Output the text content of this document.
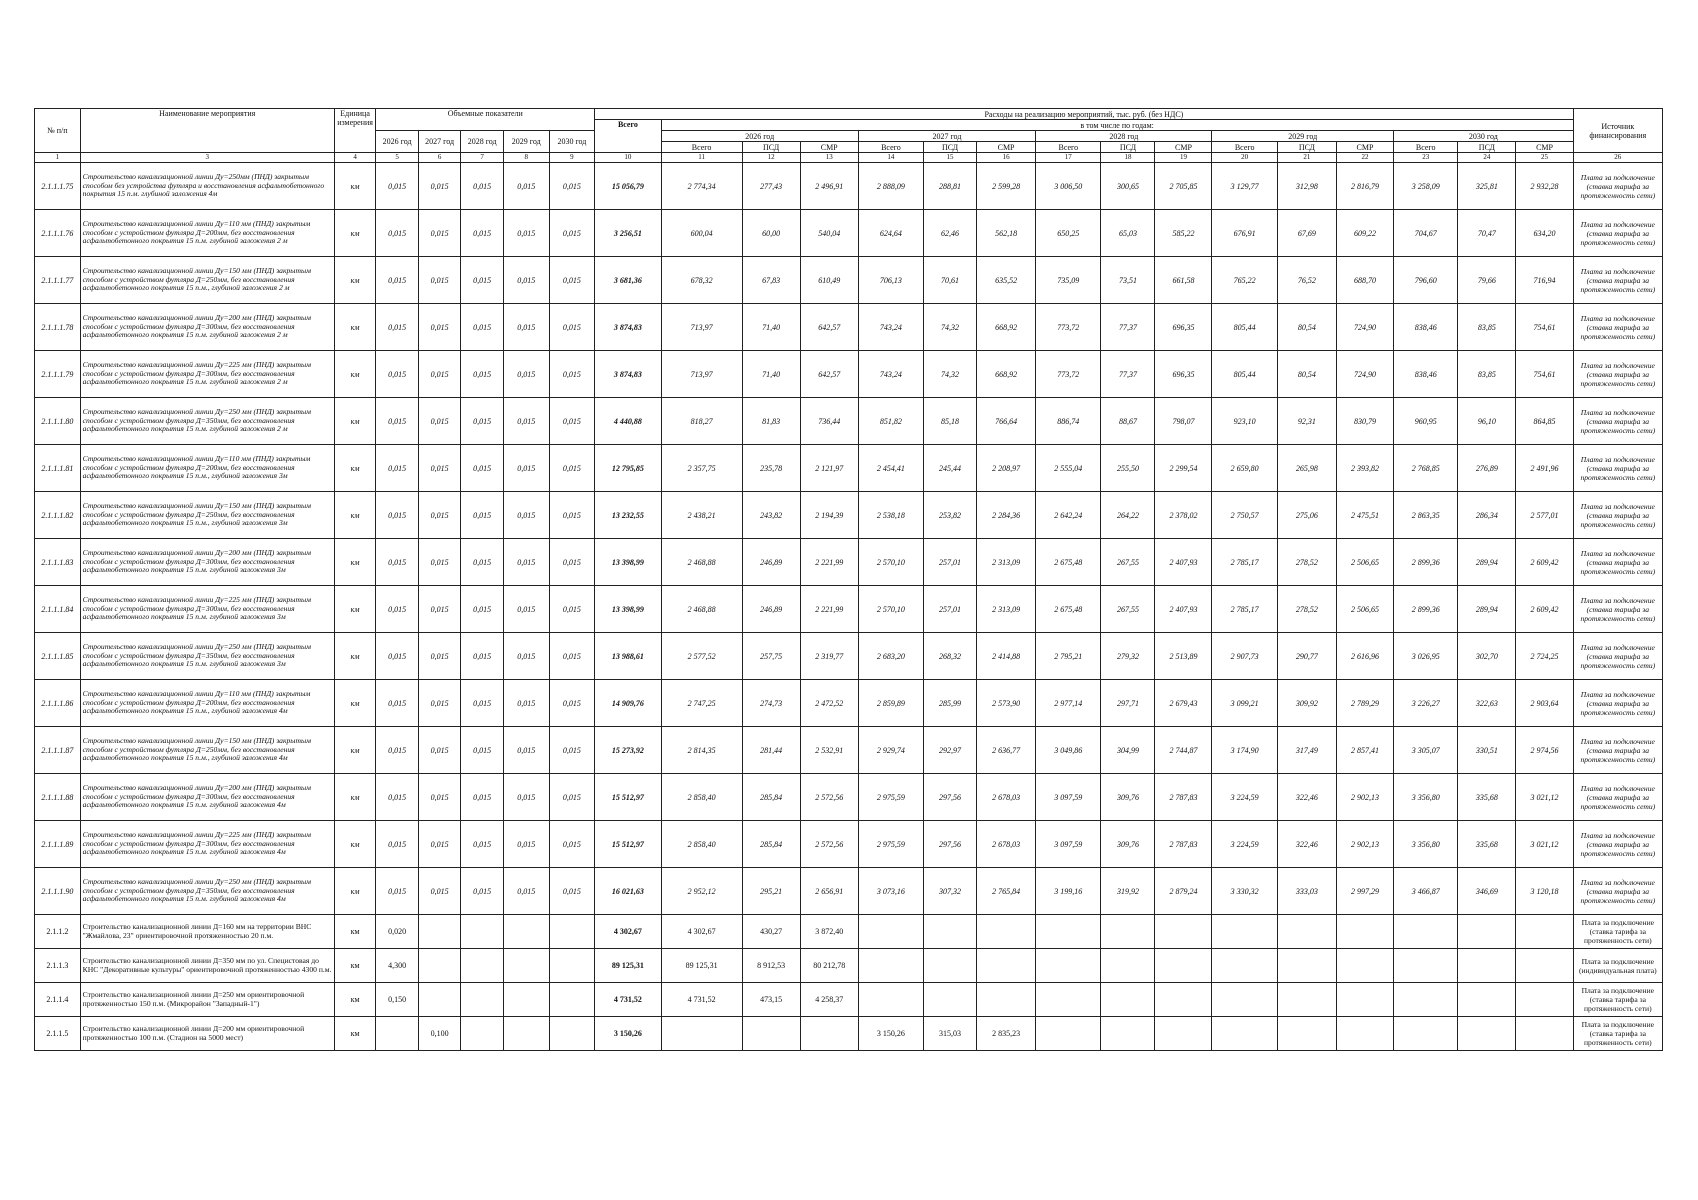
№ п/п	Наименование мероприятия	Единица измерения	Объемные показатели					Расходы на реализацию мероприятий, тыс. руб. (без НДС)																Источник финансирования
								Всего	в том числе по годам:															
			2026 год	2027 год	2028 год	2029 год	2030 год		2026 год			2027 год			2028 год			2029 год			2030 год			
									Всего	ПСД	СМР	Всего	ПСД	СМР	Всего	ПСД	СМР	Всего	ПСД	СМР	Всего	ПСД	СМР	
1	3	4	5	6	7	8	9	10	11	12	13	14	15	16	17	18	19	20	21	22	23	24	25	26
2.1.1.1.75	Строительство канализационной линии Ду=250мм (ПНД) закрытым способом без устройства футляра и восстановления асфальтобетонного покрытия 15 п.м. глубиной заложения 4м	км	0,015	0,015	0,015	0,015	0,015	15 056,79	2 774,34	277,43	2 496,91	2 888,09	288,81	2 599,28	3 006,50	300,65	2 705,85	3 129,77	312,98	2 816,79	3 258,09	325,81	2 932,28	Плата за подключение (ставка тарифа за протяженность сети)
2.1.1.1.76	Строительство канализационной линии Ду=110 мм (ПНД) закрытым способом с устройством футляра Д=200мм, без восстановления асфальтобетонного покрытия 15 п.м. глубиной заложения 2 м	км	0,015	0,015	0,015	0,015	0,015	3 256,51	600,04	60,00	540,04	624,64	62,46	562,18	650,25	65,03	585,22	676,91	67,69	609,22	704,67	70,47	634,20	Плата за подключение (ставка тарифа за протяженность сети)
2.1.1.1.77	Строительство канализационной линии Ду=150 мм (ПНД) закрытым способом с устройством футляра Д=250мм, без восстановления асфальтобетонного покрытия 15 п.м., глубиной заложения 2 м	км	0,015	0,015	0,015	0,015	0,015	3 681,36	678,32	67,83	610,49	706,13	70,61	635,52	735,09	73,51	661,58	765,22	76,52	688,70	796,60	79,66	716,94	Плата за подключение (ставка тарифа за протяженность сети)
2.1.1.1.78	Строительство канализационной линии Ду=200 мм (ПНД) закрытым способом с устройством футляра Д=300мм, без восстановления асфальтобетонного покрытия 15 п.м. глубиной заложения 2 м	км	0,015	0,015	0,015	0,015	0,015	3 874,83	713,97	71,40	642,57	743,24	74,32	668,92	773,72	77,37	696,35	805,44	80,54	724,90	838,46	83,85	754,61	Плата за подключение (ставка тарифа за протяженность сети)
2.1.1.1.79	Строительство канализационной линии Ду=225 мм (ПНД) закрытым способом с устройством футляра Д=300мм, без восстановления асфальтобетонного покрытия 15 п.м. глубиной заложения 2 м	км	0,015	0,015	0,015	0,015	0,015	3 874,83	713,97	71,40	642,57	743,24	74,32	668,92	773,72	77,37	696,35	805,44	80,54	724,90	838,46	83,85	754,61	Плата за подключение (ставка тарифа за протяженность сети)
2.1.1.1.80	Строительство канализационной линии Ду=250 мм (ПНД) закрытым способом с устройством футляра Д=350мм, без восстановления асфальтобетонного покрытия 15 п.м. глубиной заложения 2 м	км	0,015	0,015	0,015	0,015	0,015	4 440,88	818,27	81,83	736,44	851,82	85,18	766,64	886,74	88,67	798,07	923,10	92,31	830,79	960,95	96,10	864,85	Плата за подключение (ставка тарифа за протяженность сети)
2.1.1.1.81	Строительство канализационной линии Ду=110 мм (ПНД) закрытым способом с устройством футляра Д=200мм, без восстановления асфальтобетонного покрытия 15 п.м., глубиной заложения 3м	км	0,015	0,015	0,015	0,015	0,015	12 795,85	2 357,75	235,78	2 121,97	2 454,41	245,44	2 208,97	2 555,04	255,50	2 299,54	2 659,80	265,98	2 393,82	2 768,85	276,89	2 491,96	Плата за подключение (ставка тарифа за протяженность сети)
2.1.1.1.82	Строительство канализационной линии Ду=150 мм (ПНД) закрытым способом с устройством футляра Д=250мм, без восстановления асфальтобетонного покрытия 15 п.м., глубиной заложения 3м	км	0,015	0,015	0,015	0,015	0,015	13 232,55	2 438,21	243,82	2 194,39	2 538,18	253,82	2 284,36	2 642,24	264,22	2 378,02	2 750,57	275,06	2 475,51	2 863,35	286,34	2 577,01	Плата за подключение (ставка тарифа за протяженность сети)
2.1.1.1.83	Строительство канализационной линии Ду=200 мм (ПНД) закрытым способом с устройством футляра Д=300мм, без восстановления асфальтобетонного покрытия 15 п.м. глубиной заложения 3м	км	0,015	0,015	0,015	0,015	0,015	13 398,99	2 468,88	246,89	2 221,99	2 570,10	257,01	2 313,09	2 675,48	267,55	2 407,93	2 785,17	278,52	2 506,65	2 899,36	289,94	2 609,42	Плата за подключение (ставка тарифа за протяженность сети)
2.1.1.1.84	Строительство канализационной линии Ду=225 мм (ПНД) закрытым способом с устройством футляра Д=300мм, без восстановления асфальтобетонного покрытия 15 п.м. глубиной заложения 3м	км	0,015	0,015	0,015	0,015	0,015	13 398,99	2 468,88	246,89	2 221,99	2 570,10	257,01	2 313,09	2 675,48	267,55	2 407,93	2 785,17	278,52	2 506,65	2 899,36	289,94	2 609,42	Плата за подключение (ставка тарифа за протяженность сети)
2.1.1.1.85	Строительство канализационной линии Ду=250 мм (ПНД) закрытым способом с устройством футляра Д=350мм, без восстановления асфальтобетонного покрытия 15 п.м. глубиной заложения 3м	км	0,015	0,015	0,015	0,015	0,015	13 988,61	2 577,52	257,75	2 319,77	2 683,20	268,32	2 414,88	2 795,21	279,32	2 513,89	2 907,73	290,77	2 616,96	3 026,95	302,70	2 724,25	Плата за подключение (ставка тарифа за протяженность сети)
2.1.1.1.86	Строительство канализационной линии Ду=110 мм (ПНД) закрытым способом с устройством футляра Д=200мм, без восстановления асфальтобетонного покрытия 15 п.м., глубиной заложения 4м	км	0,015	0,015	0,015	0,015	0,015	14 909,76	2 747,25	274,73	2 472,52	2 859,89	285,99	2 573,90	2 977,14	297,71	2 679,43	3 099,21	309,92	2 789,29	3 226,27	322,63	2 903,64	Плата за подключение (ставка тарифа за протяженность сети)
2.1.1.1.87	Строительство канализационной линии Ду=150 мм (ПНД) закрытым способом с устройством футляра Д=250мм, без восстановления асфальтобетонного покрытия 15 п.м., глубиной заложения 4м	км	0,015	0,015	0,015	0,015	0,015	15 273,92	2 814,35	281,44	2 532,91	2 929,74	292,97	2 636,77	3 049,86	304,99	2 744,87	3 174,90	317,49	2 857,41	3 305,07	330,51	2 974,56	Плата за подключение (ставка тарифа за протяженность сети)
2.1.1.1.88	Строительство канализационной линии Ду=200 мм (ПНД) закрытым способом с устройством футляра Д=300мм, без восстановления асфальтобетонного покрытия 15 п.м. глубиной заложения 4м	км	0,015	0,015	0,015	0,015	0,015	15 512,97	2 858,40	285,84	2 572,56	2 975,59	297,56	2 678,03	3 097,59	309,76	2 787,83	3 224,59	322,46	2 902,13	3 356,80	335,68	3 021,12	Плата за подключение (ставка тарифа за протяженность сети)
2.1.1.1.89	Строительство канализационной линии Ду=225 мм (ПНД) закрытым способом с устройством футляра Д=300мм, без восстановления асфальтобетонного покрытия 15 п.м. глубиной заложения 4м	км	0,015	0,015	0,015	0,015	0,015	15 512,97	2 858,40	285,84	2 572,56	2 975,59	297,56	2 678,03	3 097,59	309,76	2 787,83	3 224,59	322,46	2 902,13	3 356,80	335,68	3 021,12	Плата за подключение (ставка тарифа за протяженность сети)
2.1.1.1.90	Строительство канализационной линии Ду=250 мм (ПНД) закрытым способом с устройством футляра Д=350мм, без восстановления асфальтобетонного покрытия 15 п.м. глубиной заложения 4м	км	0,015	0,015	0,015	0,015	0,015	16 021,63	2 952,12	295,21	2 656,91	3 073,16	307,32	2 765,84	3 199,16	319,92	2 879,24	3 330,32	333,03	2 997,29	3 466,87	346,69	3 120,18	Плата за подключение (ставка тарифа за протяженность сети)
2.1.1.2	Строительство канализационной линии Д=160 мм на территории ВНС "Жмайлова, 23" ориентировочной протяженностью 20 п.м.	км	0,020					4 302,67	4 302,67	430,27	3 872,40													Плата за подключение (ставка тарифа за протяженность сети)
2.1.1.3	Строительство канализационной линии Д=350 мм по ул. Специстовая до КНС "Декоративные культуры" ориентировочной протяженностью 4300 п.м.	км	4,300					89 125,31	89 125,31	8 912,53	80 212,78													Плата за подключение (индивидуальная плата)
2.1.1.4	Строительство канализационной линии Д=250 мм ориентировочной протяженностью 150 п.м. (Микрорайон "Западный-1")	км	0,150					4 731,52	4 731,52	473,15	4 258,37													Плата за подключение (ставка тарифа за протяженность сети)
2.1.1.5	Строительство канализационной линии Д=200 мм ориентировочной протяженностью 100 п.м. (Стадион на 5000 мест)	км		0,100				3 150,26				3 150,26	315,03	2 835,23										Плата за подключение (ставка тарифа за протяженность сети)
